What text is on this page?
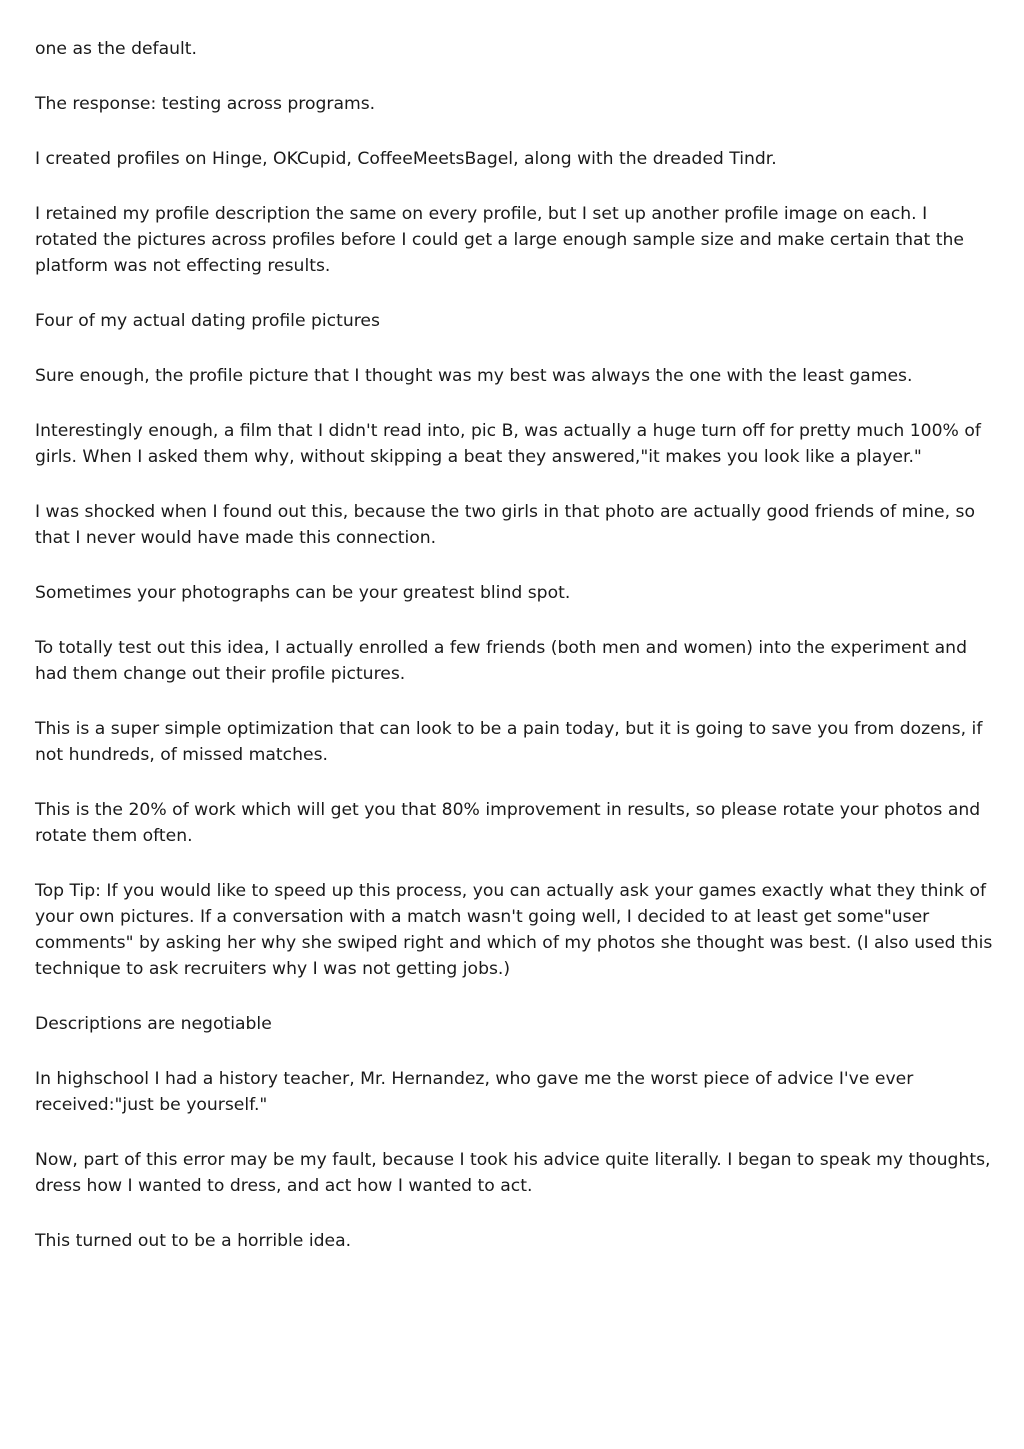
one as the default.

The response: testing across programs.

I created profiles on Hinge, OKCupid, CoffeeMeetsBagel, along with the dreaded Tindr.

I retained my profile description the same on every profile, but I set up another profile image on each. I rotated the pictures across profiles before I could get a large enough sample size and make certain that the platform was not effecting results.

Four of my actual dating profile pictures

Sure enough, the profile picture that I thought was my best was always the one with the least games.

Interestingly enough, a film that I didn't read into, pic B, was actually a huge turn off for pretty much 100% of girls. When I asked them why, without skipping a beat they answered,"it makes you look like a player."

I was shocked when I found out this, because the two girls in that photo are actually good friends of mine, so that I never would have made this connection.

Sometimes your photographs can be your greatest blind spot.

To totally test out this idea, I actually enrolled a few friends (both men and women) into the experiment and had them change out their profile pictures.

This is a super simple optimization that can look to be a pain today, but it is going to save you from dozens, if not hundreds, of missed matches.

This is the 20% of work which will get you that 80% improvement in results, so please rotate your photos and rotate them often.

Top Tip: If you would like to speed up this process, you can actually ask your games exactly what they think of your own pictures. If a conversation with a match wasn't going well, I decided to at least get some"user comments" by asking her why she swiped right and which of my photos she thought was best. (I also used this technique to ask recruiters why I was not getting jobs.)

Descriptions are negotiable

In highschool I had a history teacher, Mr. Hernandez, who gave me the worst piece of advice I've ever received:"just be yourself."

Now, part of this error may be my fault, because I took his advice quite literally. I began to speak my thoughts, dress how I wanted to dress, and act how I wanted to act.

This turned out to be a horrible idea.
